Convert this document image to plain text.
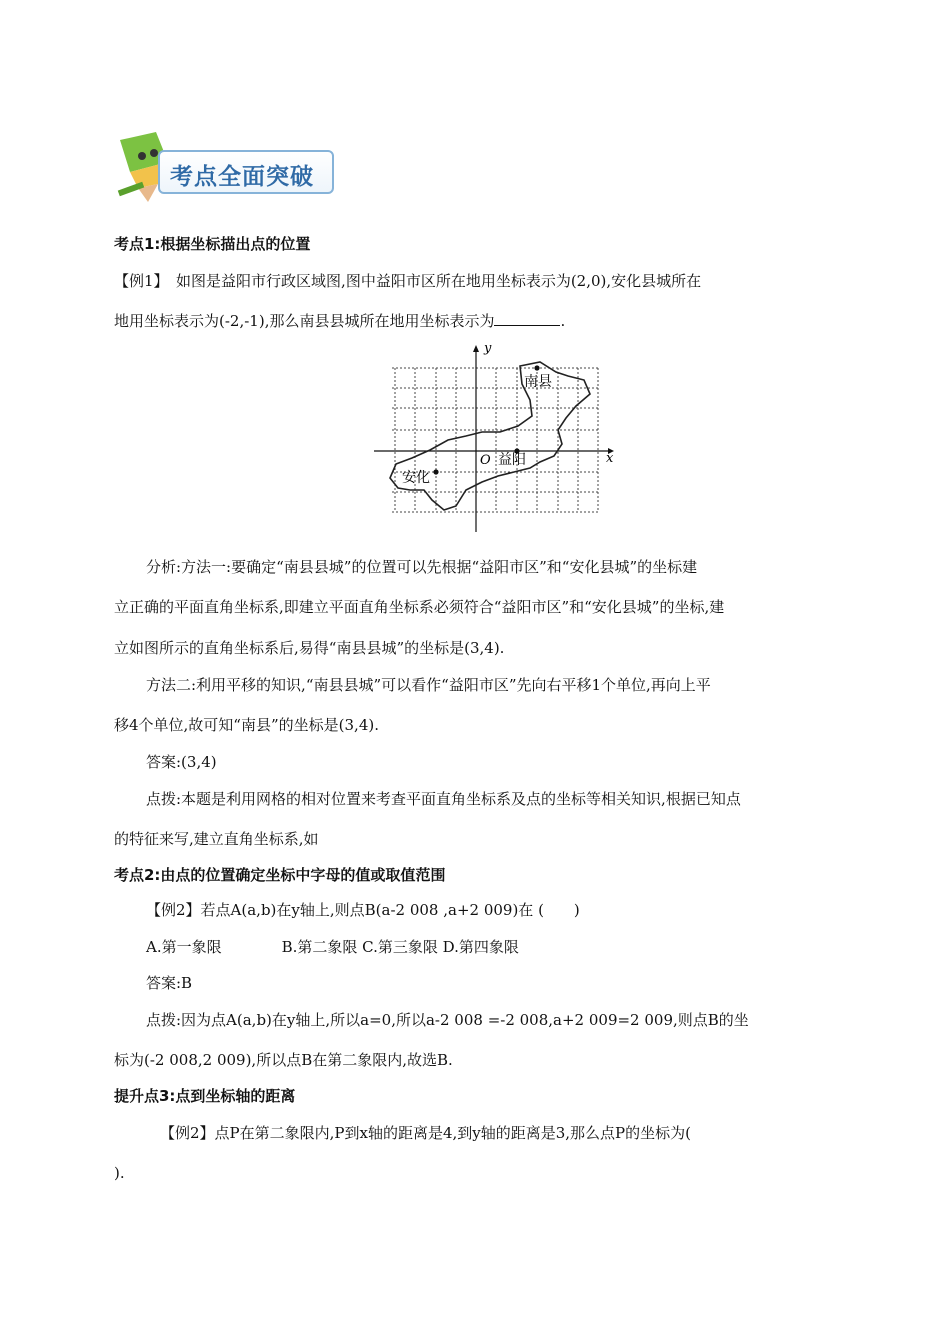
考点全面突破
考点1:根据坐标描出点的位置
【例1】　如图是益阳市行政区域图,图中益阳市区所在地用坐标表示为(2,0),安化县城所在
地用坐标表示为(-2,-1),那么南县县城所在地用坐标表示为	.
y
x
O
南县
益阳
安化
分析:方法一:要确定“南县县城”的位置可以先根据“益阳市区”和“安化县城”的坐标建
立正确的平面直角坐标系,即建立平面直角坐标系必须符合“益阳市区”和“安化县城”的坐标,建
立如图所示的直角坐标系后,易得“南县县城”的坐标是(3,4).
方法二:利用平移的知识,“南县县城”可以看作“益阳市区”先向右平移1个单位,再向上平
移4个单位,故可知“南县”的坐标是(3,4).
答案:(3,4)
点拨:本题是利用网格的相对位置来考查平面直角坐标系及点的坐标等相关知识,根据已知点
的特征来写,建立直角坐标系,如
考点2:由点的位置确定坐标中字母的值或取值范围
【例2】若点A(a,b)在y轴上,则点B(a-2 008 ,a+2 009)在 (　　)
A.第一象限　　　　B.第二象限 C.第三象限 D.第四象限
答案:B
点拨:因为点A(a,b)在y轴上,所以a=0,所以a-2 008 =-2 008,a+2 009=2 009,则点B的坐
标为(-2 008,2 009),所以点B在第二象限内,故选B.
提升点3:点到坐标轴的距离
【例2】点P在第二象限内,P到x轴的距离是4,到y轴的距离是3,那么点P的坐标为(
).
